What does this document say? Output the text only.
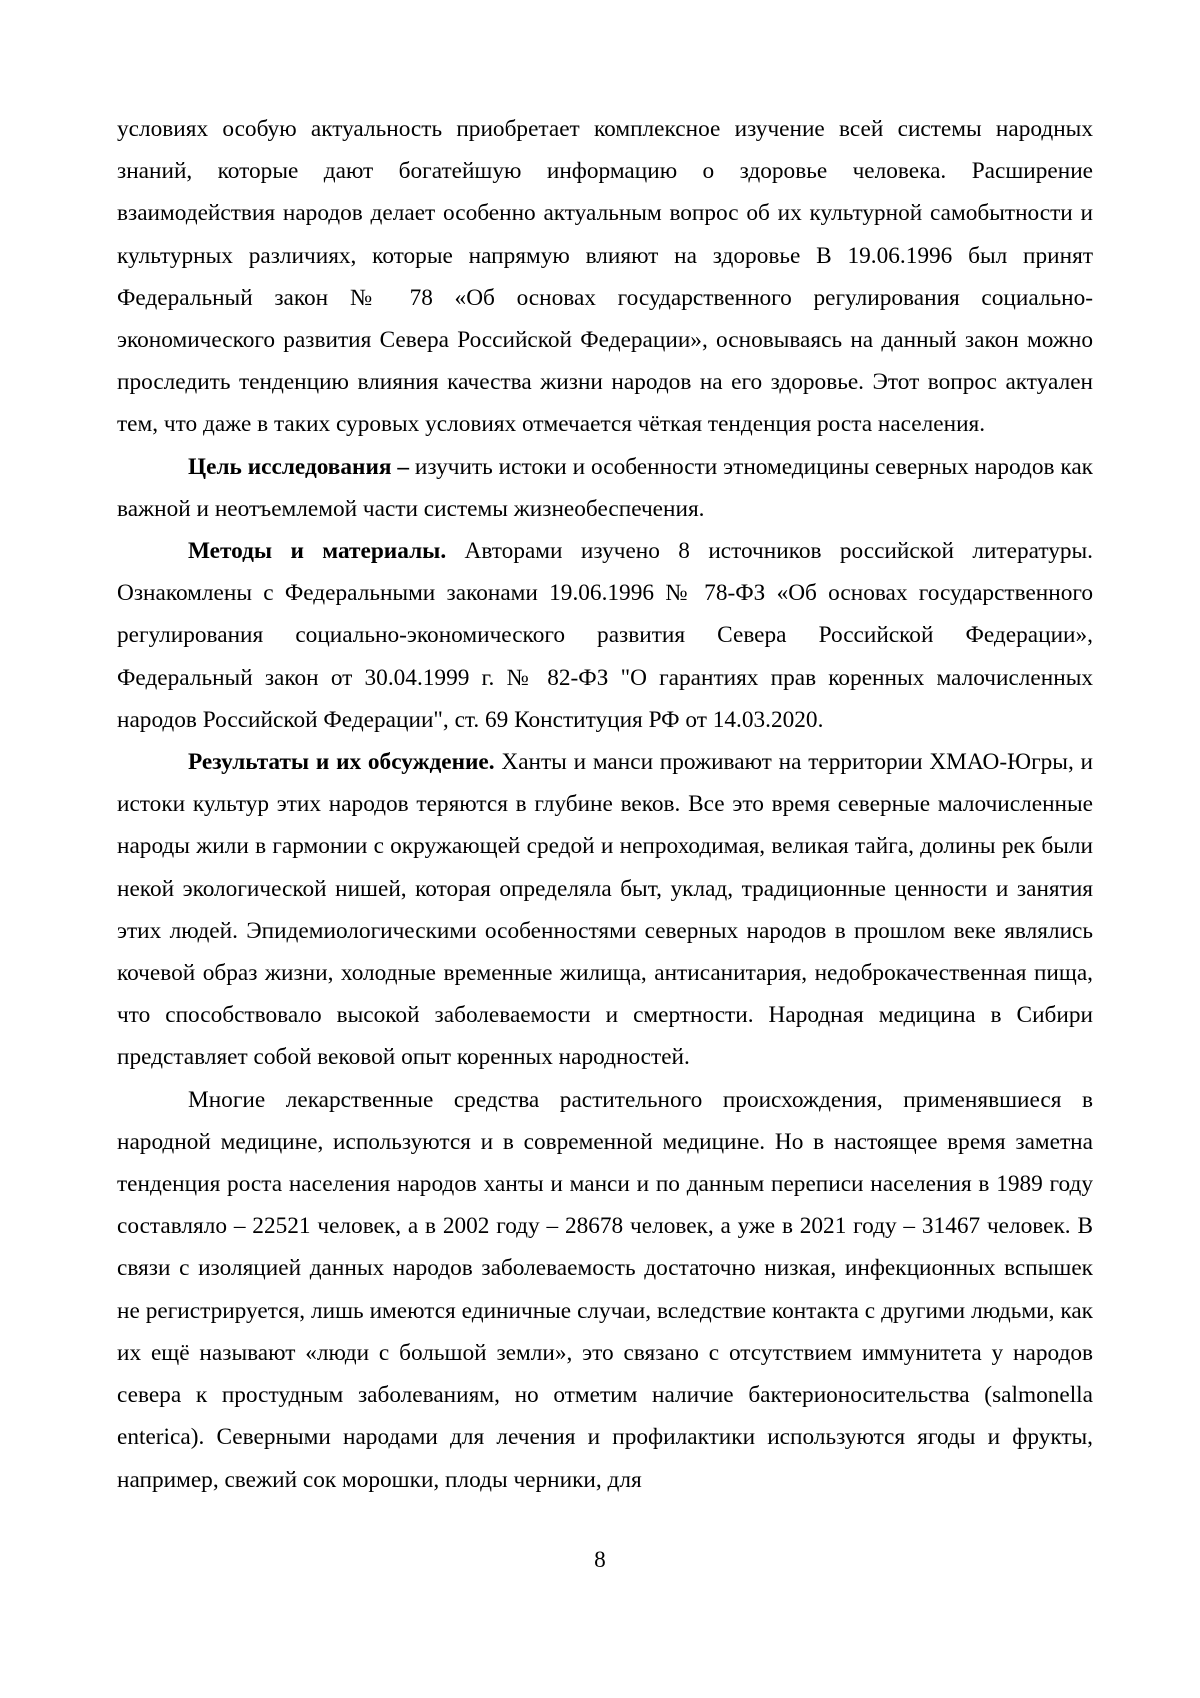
условиях особую актуальность приобретает комплексное изучение всей системы народных знаний, которые дают богатейшую информацию о здоровье человека. Расширение взаимодействия народов делает особенно актуальным вопрос об их культурной самобытности и культурных различиях, которые напрямую влияют на здоровье В 19.06.1996 был принят Федеральный закон № 78 «Об основах государственного регулирования социально-экономического развития Севера Российской Федерации», основываясь на данный закон можно проследить тенденцию влияния качества жизни народов на его здоровье. Этот вопрос актуален тем, что даже в таких суровых условиях отмечается чёткая тенденция роста населения.

Цель исследования – изучить истоки и особенности этномедицины северных народов как важной и неотъемлемой части системы жизнеобеспечения.

Методы и материалы. Авторами изучено 8 источников российской литературы. Ознакомлены с Федеральными законами 19.06.1996 № 78-ФЗ «Об основах государственного регулирования социально-экономического развития Севера Российской Федерации», Федеральный закон от 30.04.1999 г. № 82-ФЗ "О гарантиях прав коренных малочисленных народов Российской Федерации", ст. 69 Конституция РФ от 14.03.2020.

Результаты и их обсуждение. Ханты и манси проживают на территории ХМАО-Югры, и истоки культур этих народов теряются в глубине веков. Все это время северные малочисленные народы жили в гармонии с окружающей средой и непроходимая, великая тайга, долины рек были некой экологической нишей, которая определяла быт, уклад, традиционные ценности и занятия этих людей. Эпидемиологическими особенностями северных народов в прошлом веке являлись кочевой образ жизни, холодные временные жилища, антисанитария, недоброкачественная пища, что способствовало высокой заболеваемости и смертности. Народная медицина в Сибири представляет собой вековой опыт коренных народностей.

Многие лекарственные средства растительного происхождения, применявшиеся в народной медицине, используются и в современной медицине. Но в настоящее время заметна тенденция роста населения народов ханты и манси и по данным переписи населения в 1989 году составляло – 22521 человек, а в 2002 году – 28678 человек, а уже в 2021 году – 31467 человек. В связи с изоляцией данных народов заболеваемость достаточно низкая, инфекционных вспышек не регистрируется, лишь имеются единичные случаи, вследствие контакта с другими людьми, как их ещё называют «люди с большой земли», это связано с отсутствием иммунитета у народов севера к простудным заболеваниям, но отметим наличие бактерионосительства (salmonella enterica). Северными народами для лечения и профилактики используются ягоды и фрукты, например, свежий сок морошки, плоды черники, для

8
